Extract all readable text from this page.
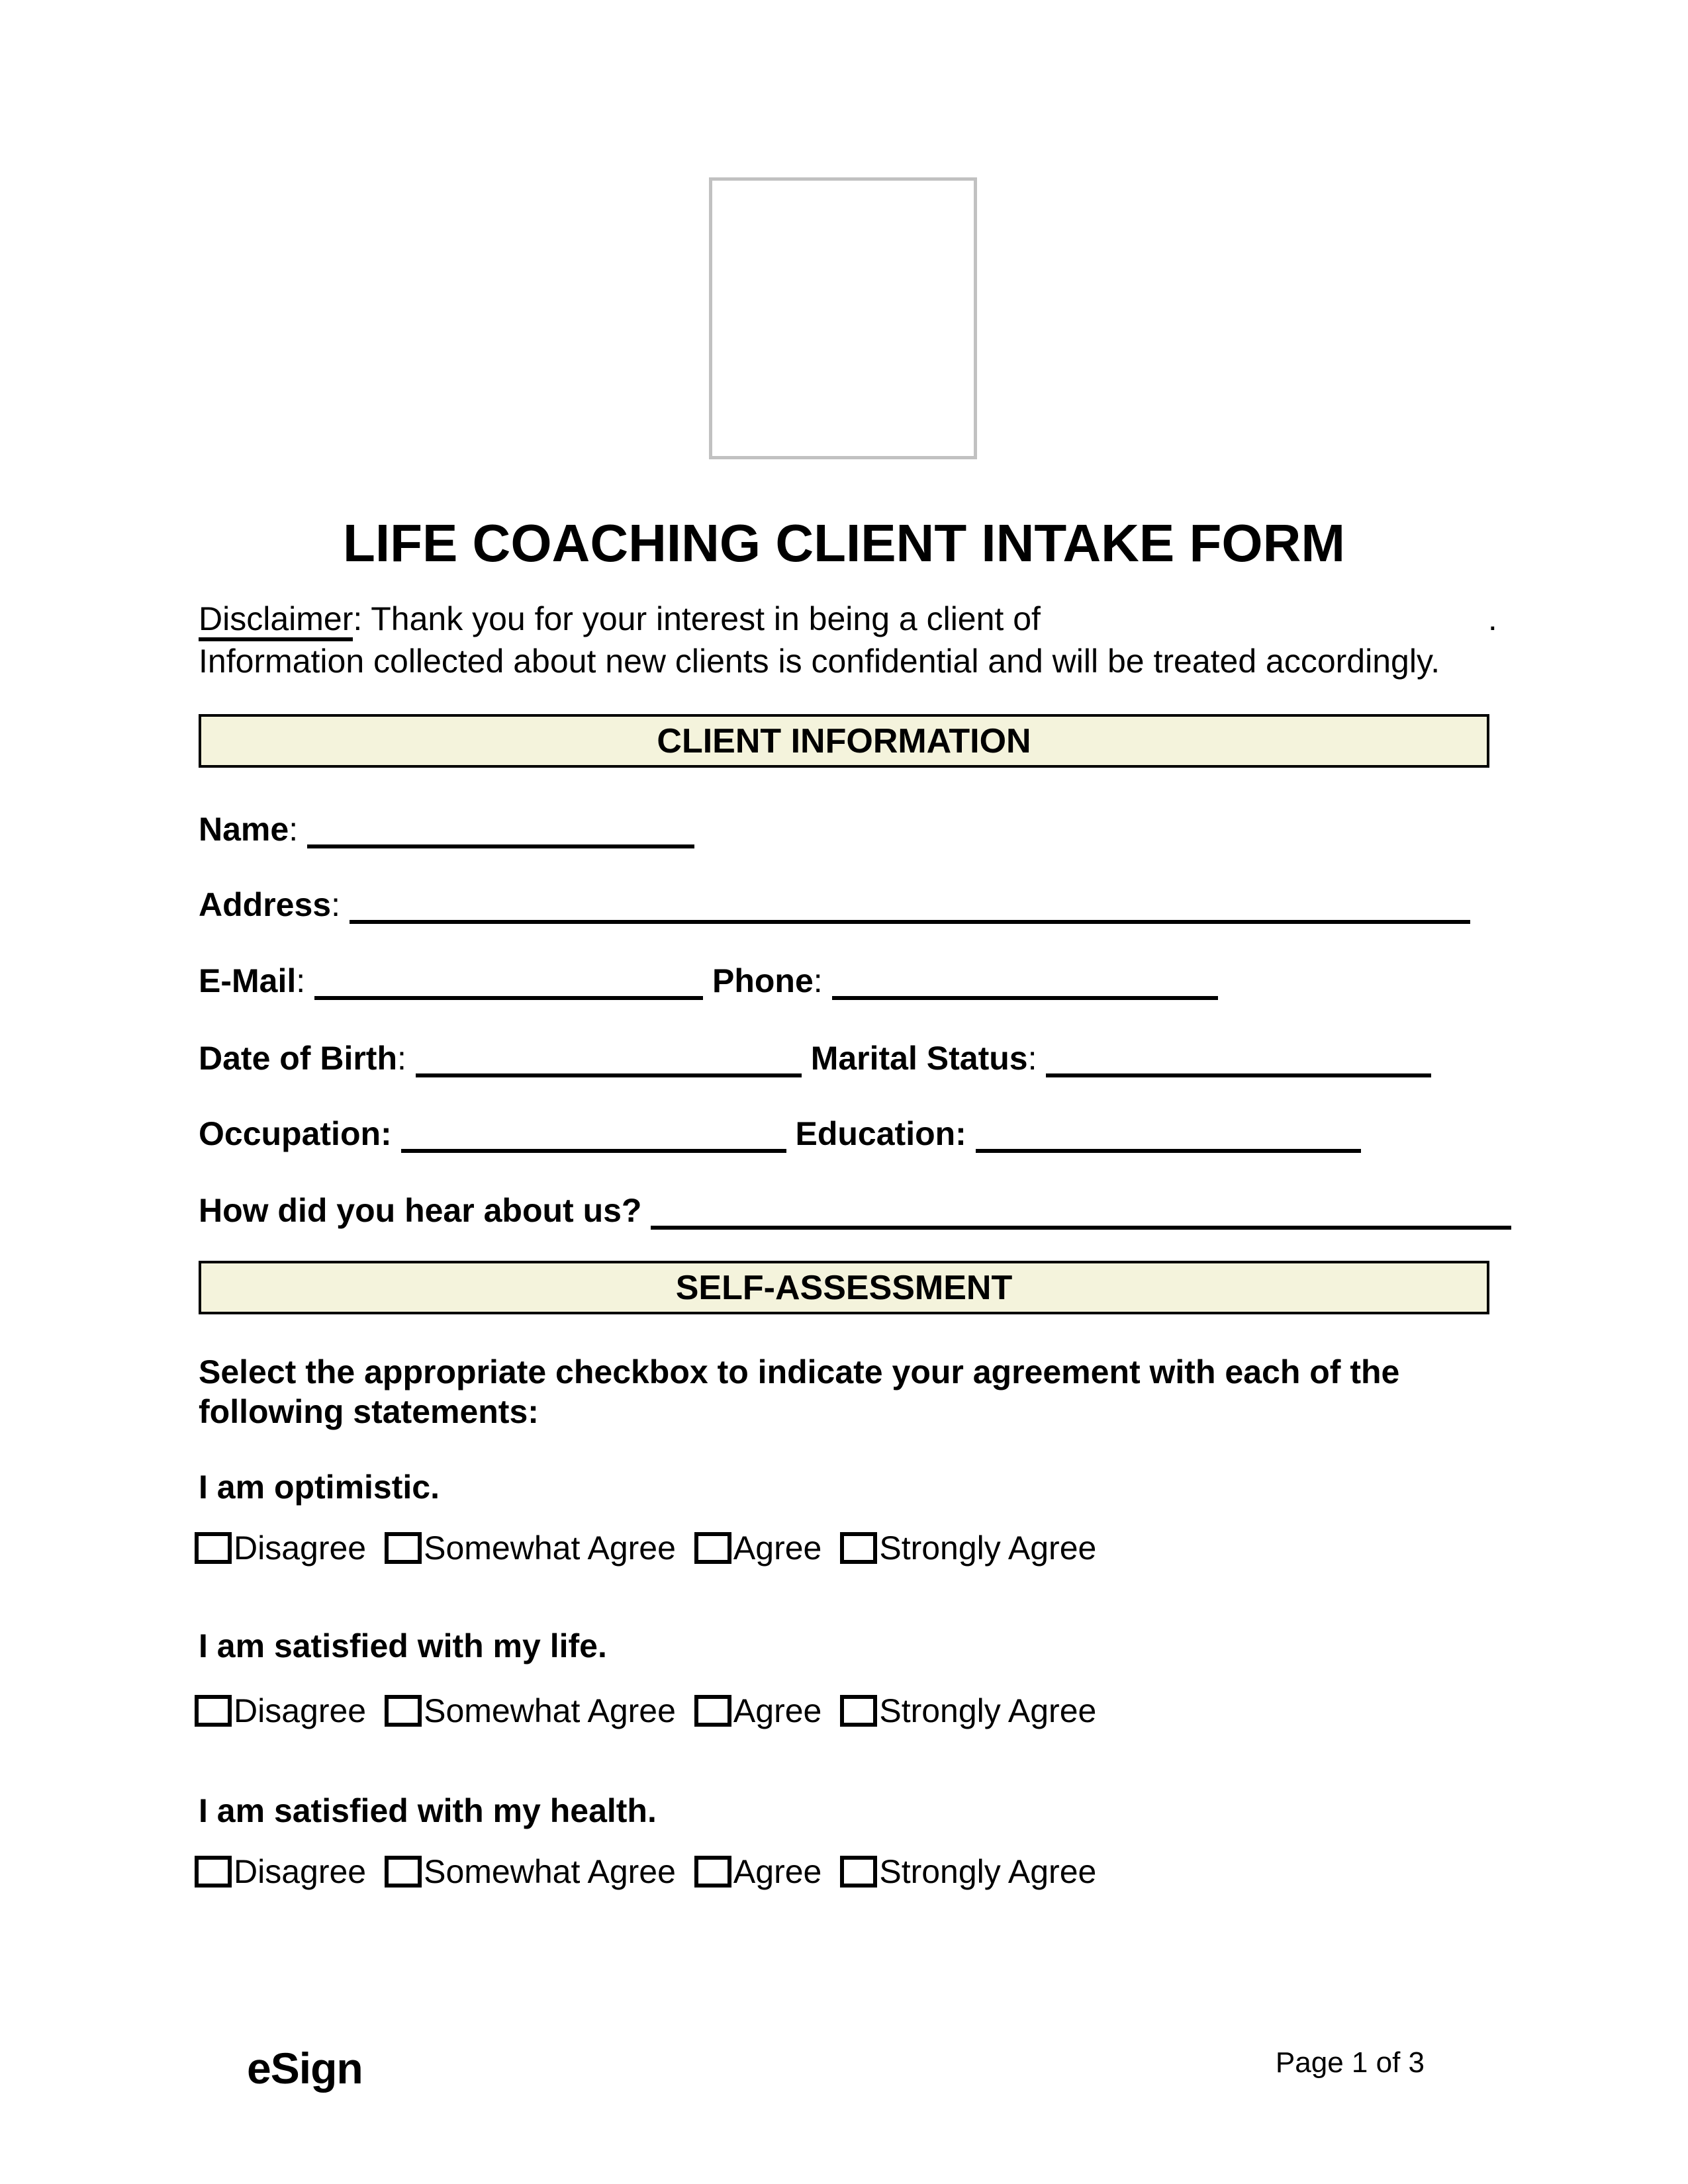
LIFE COACHING CLIENT INTAKE FORM
Disclaimer: Thank you for your interest in being a client of	.
Information collected about new clients is confidential and will be treated accordingly.
CLIENT INFORMATION
Name:
Address:
E-Mail:	Phone:
Date of Birth:	Marital Status:
Occupation:	Education:
How did you hear about us?
SELF-ASSESSMENT
Select the appropriate checkbox to indicate your agreement with each of the
following statements:
I am optimistic.
Disagree Somewhat Agree Agree Strongly Agree
I am satisfied with my life.
Disagree Somewhat Agree Agree Strongly Agree
I am satisfied with my health.
Disagree Somewhat Agree Agree Strongly Agree
eSign	Page 1 of 3
